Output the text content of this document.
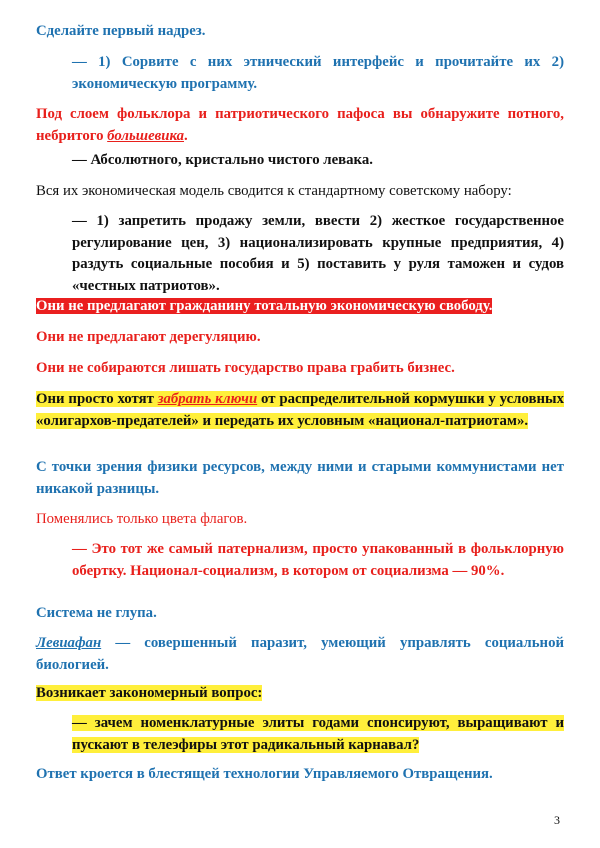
Сделайте первый надрез.
— 1) Сорвите с них этнический интерфейс и прочитайте их 2) экономическую программу.
Под слоем фольклора и патриотического пафоса вы обнаружите потного, небритого большевика.
— Абсолютного, кристально чистого левака.
Вся их экономическая модель сводится к стандартному советскому набору:
— 1) запретить продажу земли, ввести 2) жесткое государственное регулирование цен, 3) национализировать крупные предприятия, 4) раздуть социальные пособия и 5) поставить у руля таможен и судов «честных патриотов».
Они не предлагают гражданину тотальную экономическую свободу.
Они не предлагают дерегуляцию.
Они не собираются лишать государство права грабить бизнес.
Они просто хотят забрать ключи от распределительной кормушки у условных «олигархов-предателей» и передать их условным «национал-патриотам».
С точки зрения физики ресурсов, между ними и старыми коммунистами нет никакой разницы.
Поменялись только цвета флагов.
— Это тот же самый патернализм, просто упакованный в фольклорную обертку. Национал-социализм, в котором от социализма — 90%.
Система не глупа.
Левиафан — совершенный паразит, умеющий управлять социальной биологией.
Возникает закономерный вопрос:
— зачем номенклатурные элиты годами спонсируют, выращивают и пускают в телеэфиры этот радикальный карнавал?
Ответ кроется в блестящей технологии Управляемого Отвращения.
3
